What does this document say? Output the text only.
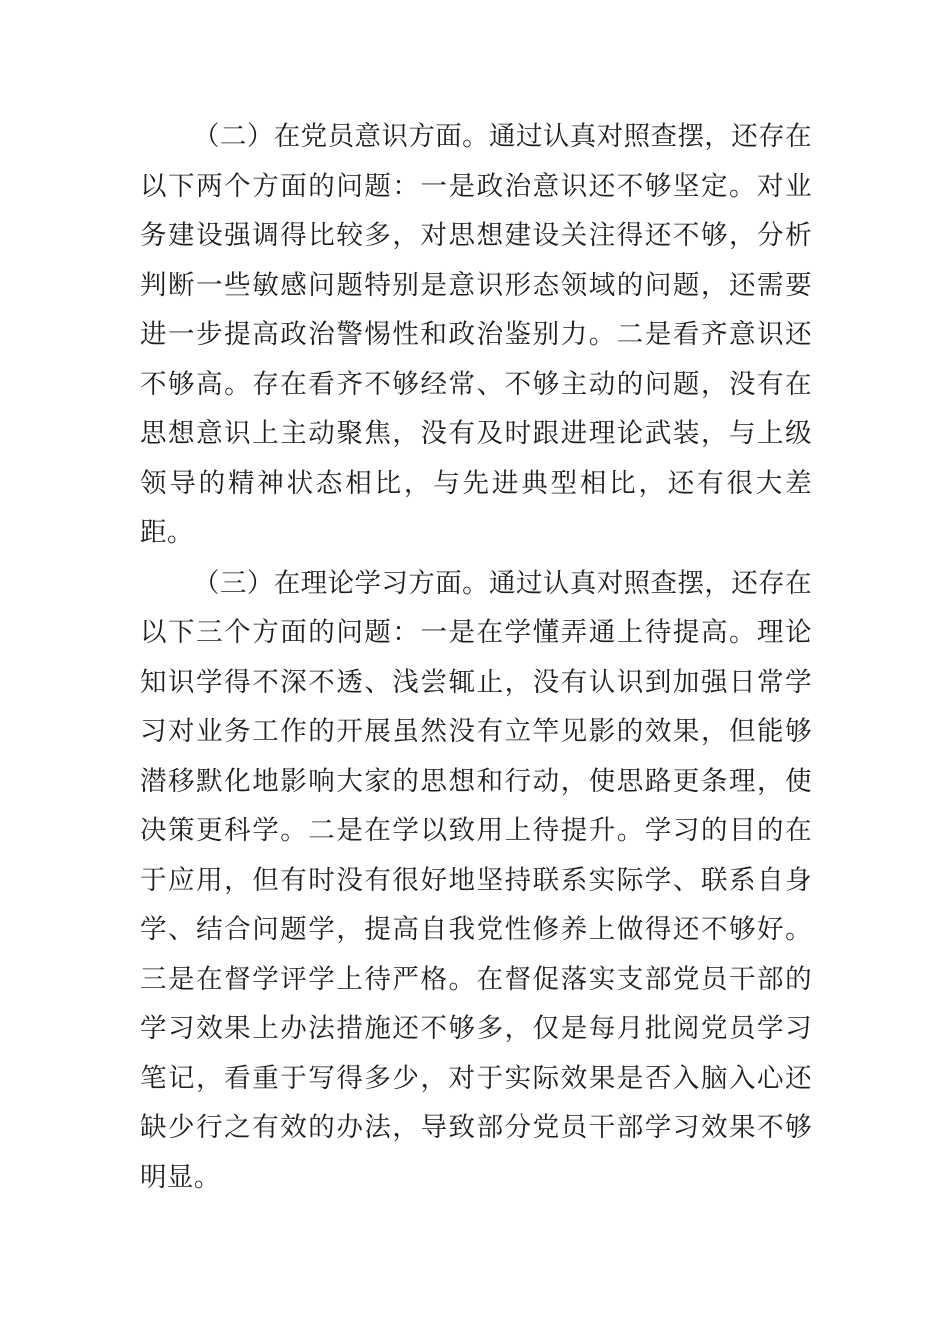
（二）在党员意识方面。通过认真对照查摆，还存在以下两个方面的问题：一是政治意识还不够坚定。对业务建设强调得比较多，对思想建设关注得还不够，分析判断一些敏感问题特别是意识形态领域的问题，还需要进一步提高政治警惕性和政治鉴别力。二是看齐意识还不够高。存在看齐不够经常、不够主动的问题，没有在思想意识上主动聚焦，没有及时跟进理论武装，与上级领导的精神状态相比，与先进典型相比，还有很大差距。

（三）在理论学习方面。通过认真对照查摆，还存在以下三个方面的问题：一是在学懂弄通上待提高。理论知识学得不深不透、浅尝辄止，没有认识到加强日常学习对业务工作的开展虽然没有立竿见影的效果，但能够潜移默化地影响大家的思想和行动，使思路更条理，使决策更科学。二是在学以致用上待提升。学习的目的在于应用，但有时没有很好地坚持联系实际学、联系自身学、结合问题学，提高自我党性修养上做得还不够好。三是在督学评学上待严格。在督促落实支部党员干部的学习效果上办法措施还不够多，仅是每月批阅党员学习笔记，看重于写得多少，对于实际效果是否入脑入心还缺少行之有效的办法，导致部分党员干部学习效果不够明显。
